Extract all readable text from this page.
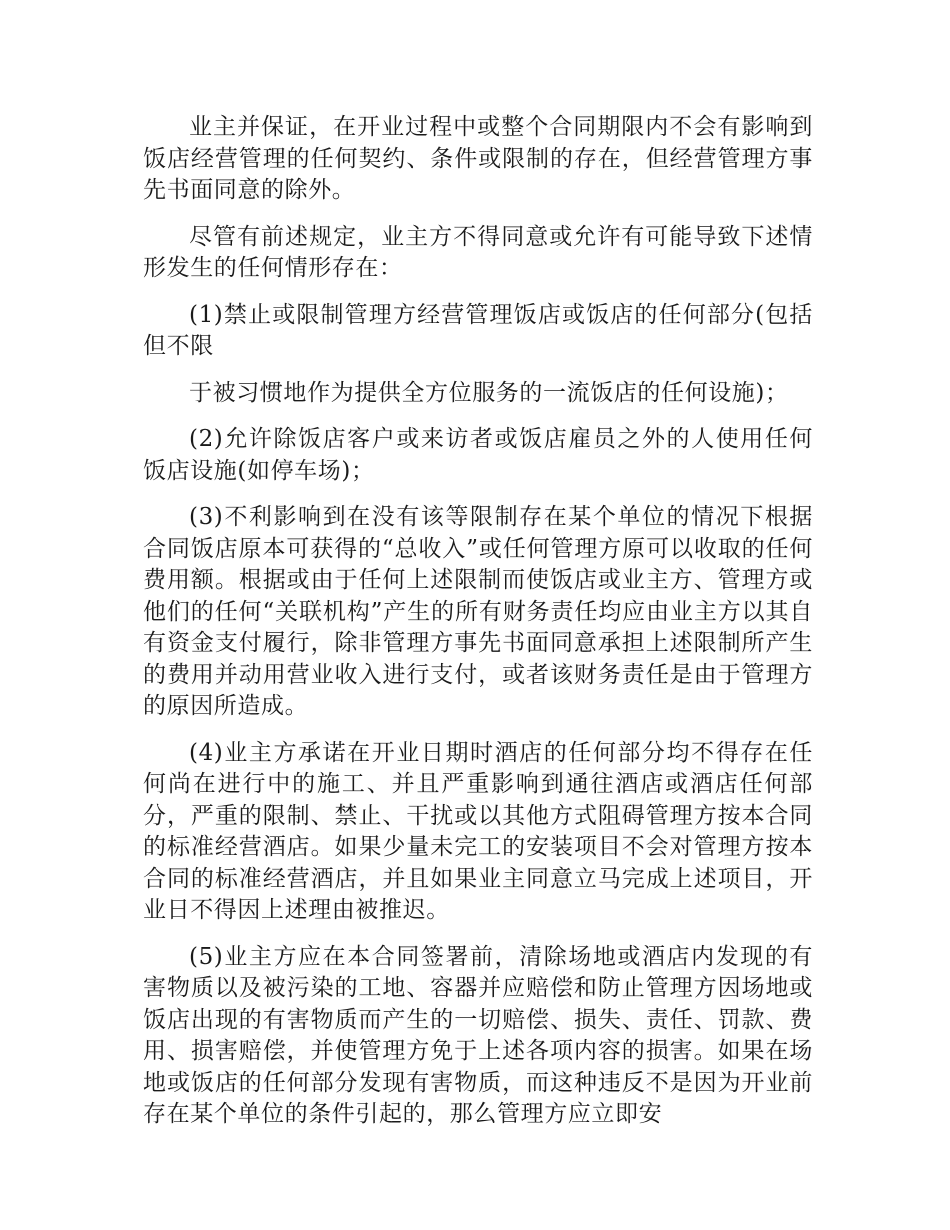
业主并保证，在开业过程中或整个合同期限内不会有影响到饭店经营管理的任何契约、条件或限制的存在，但经营管理方事先书面同意的除外。

尽管有前述规定，业主方不得同意或允许有可能导致下述情形发生的任何情形存在：

(1)禁止或限制管理方经营管理饭店或饭店的任何部分(包括但不限

于被习惯地作为提供全方位服务的一流饭店的任何设施)；

(2)允许除饭店客户或来访者或饭店雇员之外的人使用任何饭店设施(如停车场)；

(3)不利影响到在没有该等限制存在某个单位的情况下根据合同饭店原本可获得的“总收入”或任何管理方原可以收取的任何费用额。根据或由于任何上述限制而使饭店或业主方、管理方或他们的任何“关联机构”产生的所有财务责任均应由业主方以其自有资金支付履行，除非管理方事先书面同意承担上述限制所产生的费用并动用营业收入进行支付，或者该财务责任是由于管理方的原因所造成。

(4)业主方承诺在开业日期时酒店的任何部分均不得存在任何尚在进行中的施工、并且严重影响到通往酒店或酒店任何部分，严重的限制、禁止、干扰或以其他方式阻碍管理方按本合同的标准经营酒店。如果少量未完工的安装项目不会对管理方按本合同的标准经营酒店，并且如果业主同意立马完成上述项目，开业日不得因上述理由被推迟。

(5)业主方应在本合同签署前，清除场地或酒店内发现的有害物质以及被污染的工地、容器并应赔偿和防止管理方因场地或饭店出现的有害物质而产生的一切赔偿、损失、责任、罚款、费用、损害赔偿，并使管理方免于上述各项内容的损害。如果在场地或饭店的任何部分发现有害物质，而这种违反不是因为开业前存在某个单位的条件引起的，那么管理方应立即安
